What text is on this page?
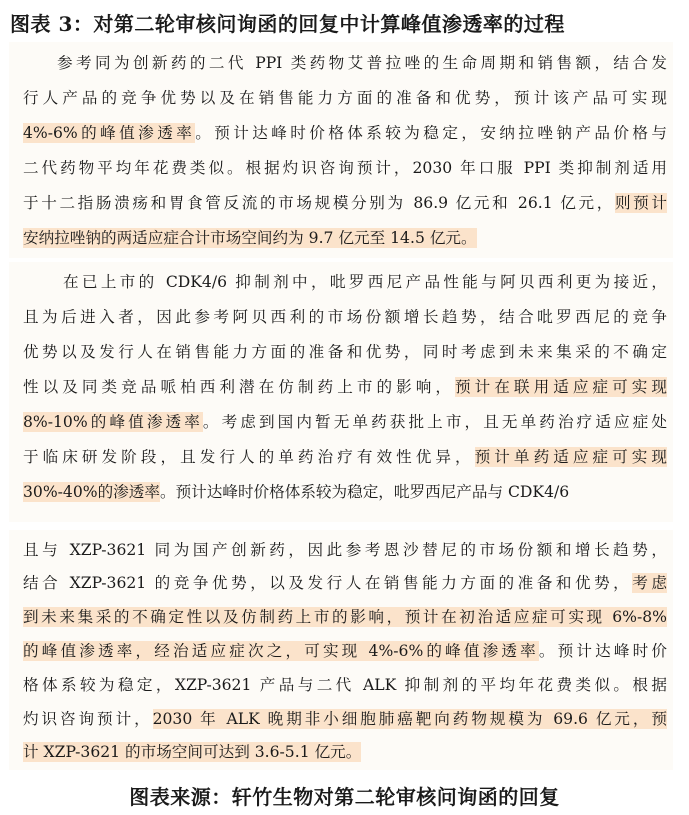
图表 3：对第二轮审核问询函的回复中计算峰值渗透率的过程
参考同为创新药的二代 PPI 类药物艾普拉唑的生命周期和销售额，结合发
行人产品的竞争优势以及在销售能力方面的准备和优势，预计该产品可实现
4%-6%的峰值渗透率。预计达峰时价格体系较为稳定，安纳拉唑钠产品价格与
二代药物平均年花费类似。根据灼识咨询预计，2030 年口服 PPI 类抑制剂适用
于十二指肠溃疡和胃食管反流的市场规模分别为 86.9 亿元和 26.1 亿元，则预计
安纳拉唑钠的两适应症合计市场空间约为 9.7 亿元至 14.5 亿元。
在已上市的 CDK4/6 抑制剂中，吡罗西尼产品性能与阿贝西利更为接近，
且为后进入者，因此参考阿贝西利的市场份额增长趋势，结合吡罗西尼的竞争
优势以及发行人在销售能力方面的准备和优势，同时考虑到未来集采的不确定
性以及同类竞品哌柏西利潜在仿制药上市的影响，预计在联用适应症可实现
8%-10%的峰值渗透率。考虑到国内暂无单药获批上市，且无单药治疗适应症处
于临床研发阶段，且发行人的单药治疗有效性优异，预计单药适应症可实现
30%-40%的渗透率。预计达峰时价格体系较为稳定，吡罗西尼产品与 CDK4/6
且与 XZP-3621 同为国产创新药，因此参考恩沙替尼的市场份额和增长趋势，
结合 XZP-3621 的竞争优势，以及发行人在销售能力方面的准备和优势，考虑
到未来集采的不确定性以及仿制药上市的影响，预计在初治适应症可实现 6%-8%
的峰值渗透率，经治适应症次之，可实现 4%-6%的峰值渗透率。预计达峰时价
格体系较为稳定，XZP-3621 产品与二代 ALK 抑制剂的平均年花费类似。根据
灼识咨询预计，2030 年 ALK 晚期非小细胞肺癌靶向药物规模为 69.6 亿元，预
计 XZP-3621 的市场空间可达到 3.6-5.1 亿元。
图表来源：轩竹生物对第二轮审核问询函的回复
